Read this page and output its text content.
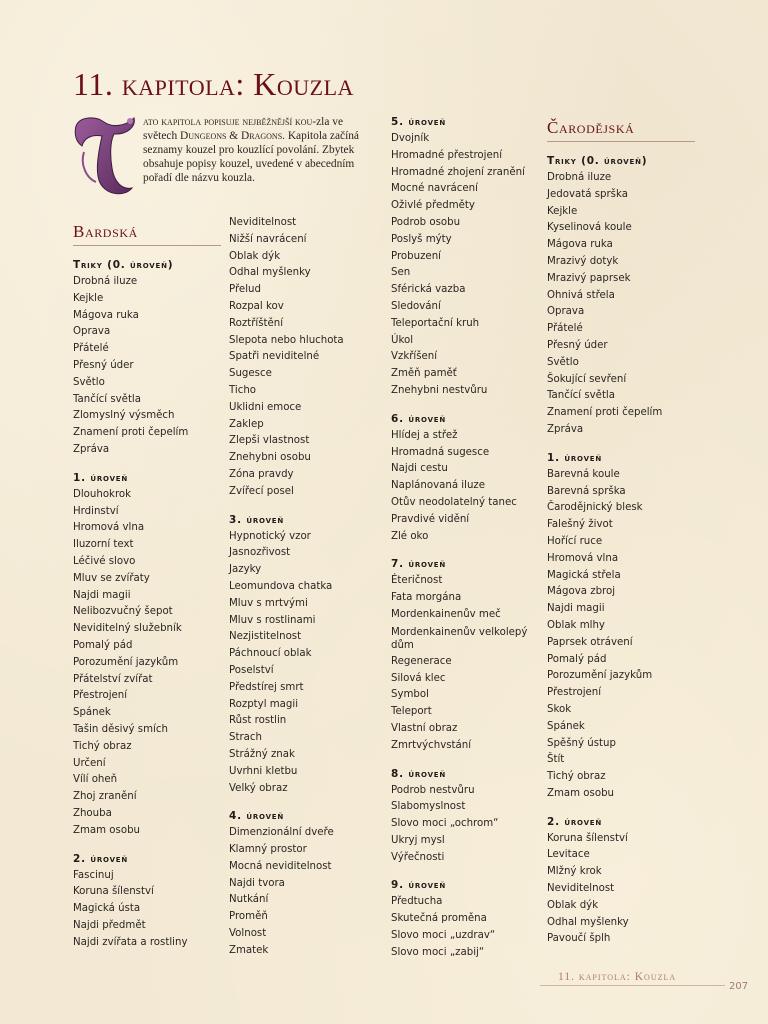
11. kapitola: Kouzla

ato kapitola popisuje nejběžnější kou-zla ve světech Dungeons & Dragons. Kapitola začíná seznamy kouzel pro kouzlící povolání. Zbytek obsahuje popisy kouzel, uvedené v abecedním pořadí dle názvu kouzla.

Bardská
Triky (0. úroveň)
Drobná iluze
Kejkle
Mágova ruka
Oprava
Přátelé
Přesný úder
Světlo
Tančící světla
Zlomyslný výsměch
Znamení proti čepelím
Zpráva
1. úroveň
Dlouhokrok
Hrdinství
Hromová vlna
Iluzorní text
Léčivé slovo
Mluv se zvířaty
Najdi magii
Nelibozvučný šepot
Neviditelný služebník
Pomalý pád
Porozumění jazykům
Přátelství zvířat
Přestrojení
Spánek
Tašin děsivý smích
Tichý obraz
Určení
Vílí oheň
Zhoj zranění
Zhouba
Zmam osobu
2. úroveň
Fascinuj
Koruna šílenství
Magická ústa
Najdi předmět
Najdi zvířata a rostliny
Neviditelnost
Nižší navrácení
Oblak dýk
Odhal myšlenky
Přelud
Rozpal kov
Roztříštění
Slepota nebo hluchota
Spatři neviditelné
Sugesce
Ticho
Uklidni emoce
Zaklep
Zlepši vlastnost
Znehybni osobu
Zóna pravdy
Zvířecí posel
3. úroveň
Hypnotický vzor
Jasnozřivost
Jazyky
Leomundova chatka
Mluv s mrtvými
Mluv s rostlinami
Nezjistitelnost
Páchnoucí oblak
Poselství
Předstírej smrt
Rozptyl magii
Růst rostlin
Strach
Strážný znak
Uvrhni kletbu
Velký obraz
4. úroveň
Dimenzionální dveře
Klamný prostor
Mocná neviditelnost
Najdi tvora
Nutkání
Proměň
Volnost
Zmatek
5. úroveň
Dvojník
Hromadné přestrojení
Hromadné zhojení zranění
Mocné navrácení
Oživlé předměty
Podrob osobu
Poslyš mýty
Probuzení
Sen
Sférická vazba
Sledování
Teleportační kruh
Úkol
Vzkříšení
Změň paměť
Znehybni nestvůru
6. úroveň
Hlídej a střež
Hromadná sugesce
Najdi cestu
Naplánovaná iluze
Otův neodolatelný tanec
Pravdivé vidění
Zlé oko
7. úroveň
Éteričnost
Fata morgána
Mordenkainenův meč
Mordenkainenův velkolepý dům
Regenerace
Silová klec
Symbol
Teleport
Vlastní obraz
Zmrtvýchvstání
8. úroveň
Podrob nestvůru
Slabomyslnost
Slovo moci „ochrom“
Ukryj mysl
Výřečnosti
9. úroveň
Předtucha
Skutečná proměna
Slovo moci „uzdrav“
Slovo moci „zabij“
Čarodějská
Triky (0. úroveň)
Drobná iluze
Jedovatá sprška
Kejkle
Kyselinová koule
Mágova ruka
Mrazivý dotyk
Mrazivý paprsek
Ohnivá střela
Oprava
Přátelé
Přesný úder
Světlo
Šokující sevření
Tančící světla
Znamení proti čepelím
Zpráva
1. úroveň
Barevná koule
Barevná sprška
Čarodějnický blesk
Falešný život
Hořící ruce
Hromová vlna
Magická střela
Mágova zbroj
Najdi magii
Oblak mlhy
Paprsek otrávení
Pomalý pád
Porozumění jazykům
Přestrojení
Skok
Spánek
Spěšný ústup
Štít
Tichý obraz
Zmam osobu
2. úroveň
Koruna šílenství
Levitace
Mlžný krok
Neviditelnost
Oblak dýk
Odhal myšlenky
Pavoučí šplh
11. kapitola: Kouzla
207
